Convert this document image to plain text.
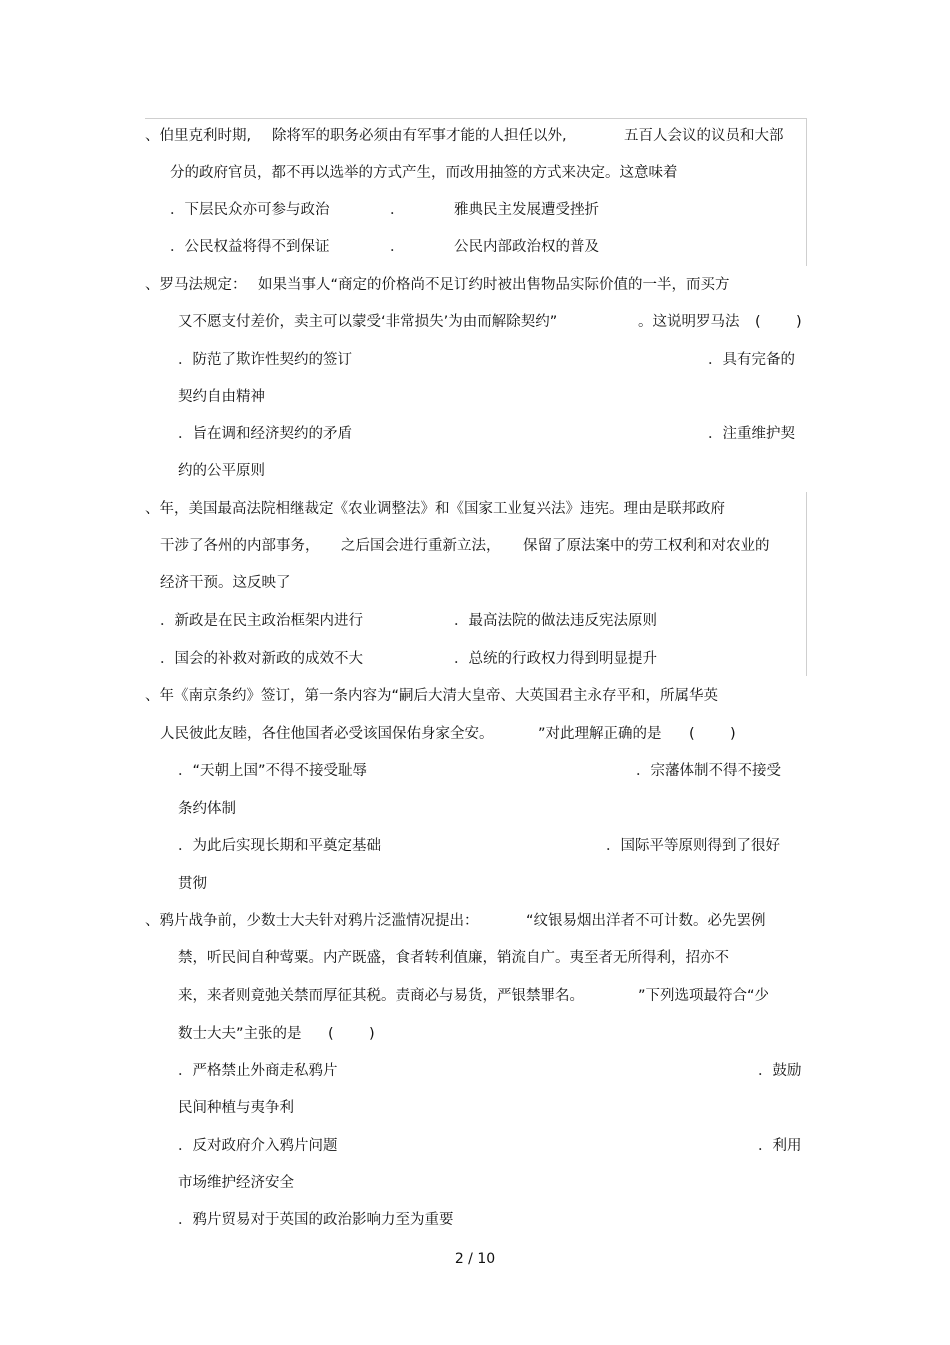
、伯里克利时期, 除将军的职务必须由有军事才能的人担任以外,	五百人会议的议员和大部
分的政府官员，都不再以选举的方式产生，而改用抽签的方式来决定。这意味着
．下层民众亦可参与政治	．	雅典民主发展遭受挫折
．公民权益将得不到保证	．	公民内部政治权的普及
、罗马法规定： 如果当事人“商定的价格尚不足订约时被出售物品实际价值的一半，而买方
又不愿支付差价，卖主可以蒙受‘非常损失’为由而解除契约”	。这说明罗马法 ( )
．防范了欺诈性契约的签订	．具有完备的
契约自由精神
．旨在调和经济契约的矛盾	．注重维护契
约的公平原则
、年，美国最高法院相继裁定《农业调整法》和《国家工业复兴法》违宪。理由是联邦政府
干涉了各州的内部事务， 之后国会进行重新立法， 保留了原法案中的劳工权利和对农业的
经济干预。这反映了
．新政是在民主政治框架内进行	．最高法院的做法违反宪法原则
．国会的补救对新政的成效不大	．总统的行政权力得到明显提升
、年《南京条约》签订，第一条内容为“嗣后大清大皇帝、大英国君主永存平和，所属华英
人民彼此友睦，各住他国者必受该国保佑身家全安。	”对此理解正确的是 ( )
．“天朝上国”不得不接受耻辱	．宗藩体制不得不接受
条约体制
．为此后实现长期和平奠定基础	．国际平等原则得到了很好
贯彻
、鸦片战争前，少数士大夫针对鸦片泛滥情况提出：	“纹银易烟出洋者不可计数。必先罢例
禁，听民间自种莺粟。内产既盛，食者转利值廉，销流自广。夷至者无所得利，招亦不
来，来者则竟弛关禁而厚征其税。责商必与易货，严银禁罪名。	”下列选项最符合“少
数士大夫”主张的是 ( )
．严格禁止外商走私鸦片	．鼓励
民间种植与夷争利
．反对政府介入鸦片问题	．利用
市场维护经济安全
．鸦片贸易对于英国的政治影响力至为重要
2 / 10
